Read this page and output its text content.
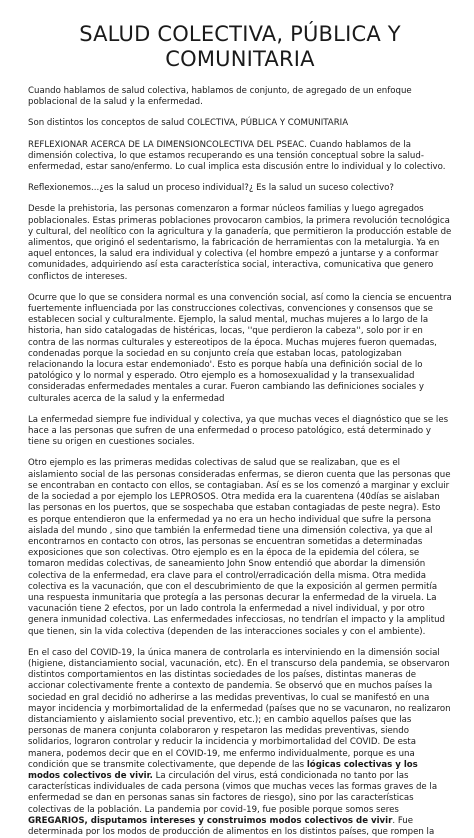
SALUD COLECTIVA, PÚBLICA Y COMUNITARIA

Cuando hablamos de salud colectiva, hablamos de conjunto, de agregado de un enfoque poblacional de la salud y la enfermedad.

Son distintos los conceptos de salud COLECTIVA, PÚBLICA Y COMUNITARIA

REFLEXIONAR ACERCA DE LA DIMENSIONCOLECTIVA DEL PSEAC. Cuando hablamos de la dimensión colectiva, lo que estamos recuperando es una tensión conceptual sobre la salud-enfermedad, estar sano/enfermo. Lo cual implica esta discusión entre lo individual y lo colectivo.

Reflexionemos...¿es la salud un proceso individual?¿ Es la salud un suceso colectivo?

Desde la prehistoria, las personas comenzaron a formar núcleos familias y luego agregados poblacionales. Estas primeras poblaciones provocaron cambios, la primera revolución tecnológica y cultural, del neolítico con la agricultura y la ganadería, que permitieron la producción estable de alimentos, que originó el sedentarismo, la fabricación de herramientas con la metalurgia. Ya en aquel entonces, la salud era individual y colectiva (el hombre empezó a juntarse y a conformar comunidades, adquiriendo así esta característica social, interactiva, comunicativa que genero conflictos de intereses.

Ocurre que lo que se considera normal es una convención social, así como la ciencia se encuentra fuertemente influenciada por las construcciones colectivas, convenciones y consensos que se establecen social y culturalmente. Ejemplo, la salud mental, muchas mujeres a lo largo de la historia, han sido catalogadas de histéricas, locas, ''que perdieron la cabeza'', solo por ir en contra de las normas culturales y estereotipos de la época. Muchas mujeres fueron quemadas, condenadas porque la sociedad en su conjunto creía que estaban locas, patologizaban relacionando la locura estar endemoniado'. Esto es porque había una definición social de lo patológico y lo normal y esperado. Otro ejemplo es a homosexualidad y la transexualidad consideradas enfermedades mentales a curar. Fueron cambiando las definiciones sociales y culturales acerca de la salud y la enfermedad

La enfermedad siempre fue individual y colectiva, ya que muchas veces el diagnóstico que se les hace a las personas que sufren de una enfermedad o proceso patológico, está determinado y tiene su origen en cuestiones sociales.

Otro ejemplo es las primeras medidas colectivas de salud que se realizaban, que es el aislamiento social de las personas consideradas enfermas, se dieron cuenta que las personas que se encontraban en contacto con ellos, se contagiaban. Así es se los comenzó a marginar y excluir de la sociedad a por ejemplo los LEPROSOS. Otra medida era la cuarentena (40días se aislaban las personas en los puertos, que se sospechaba que estaban contagiadas de peste negra). Esto es porque entendieron que la enfermedad ya no era un hecho individual que sufre la persona aislada del mundo , sino que también la enfermedad tiene una dimensión colectiva, ya que al encontrarnos en contacto con otros, las personas se encuentran sometidas a determinadas exposiciones que son colectivas. Otro ejemplo es en la época de la epidemia del cólera, se tomaron medidas colectivas, de saneamiento John Snow entendió que abordar la dimensión colectiva de la enfermedad, era clave para el control/erradicación della misma. Otra medida colectiva es la vacunación, que con el descubrimiento de que la exposición al germen permitía una respuesta inmunitaria que protegía a las personas decurar la enfermedad de la viruela. La vacunación tiene 2 efectos, por un lado controla la enfermedad a nivel individual, y por otro genera inmunidad colectiva. Las enfermedades infecciosas, no tendrían el impacto y la amplitud que tienen, sin la vida colectiva (dependen de las interacciones sociales y con el ambiente).

En el caso del COVID-19, la única manera de controlarla es interviniendo en la dimensión social (higiene, distanciamiento social, vacunación, etc). En el transcurso dela pandemia, se observaron distintos comportamientos en las distintas sociedades de los países, distintas maneras de accionar colectivamente frente a contexto de pandemia. Se observó que en muchos países la sociedad en gral decidió no adherirse a las medidas preventivas, lo cual se manifestó en una mayor incidencia y morbimortalidad de la enfermedad (países que no se vacunaron, no realizaron distanciamiento y aislamiento social preventivo, etc.); en cambio aquellos países que las personas de manera conjunta colaboraron y respetaron las medidas preventivas, siendo solidarios, lograron controlar y reducir la incidencia y morbimortalidad del COVID. De esta manera, podemos decir que en el COVID-19, me enfermo individualmente, porque es una condición que se transmite colectivamente, que depende de las lógicas colectivas y los modos colectivos de vivir. La circulación del virus, está condicionada no tanto por las características individuales de cada persona (vimos que muchas veces las formas graves de la enfermedad se dan en personas sanas sin factores de riesgo), sino por las características colectivas de la población. La pandemia por covid-19, fue posible porque somos seres GREGARIOS, disputamos intereses y construimos modos colectivos de vivir. Fue determinada por los modos de producción de alimentos en los distintos países, que rompen la
